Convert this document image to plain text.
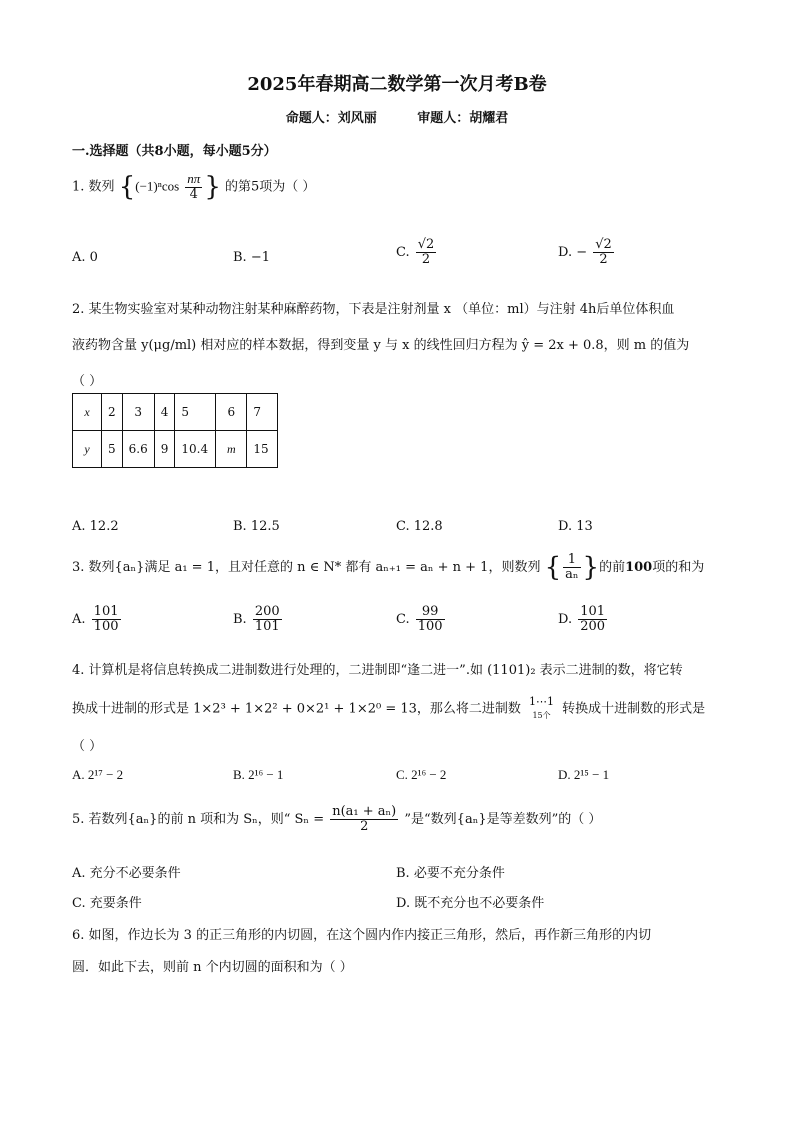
2025年春期高二数学第一次月考B卷
命题人：刘风丽	审题人：胡耀君
一.选择题（共8小题，每小题5分）
1. 数列 {$(-1)^n\cos \frac{n\pi}{4}$ } 的第5项为（ ）
A. 0	B. −1	C. $\frac{√2}{2}$	D. − $\frac{√2}{2}$
2. 某生物实验室对某种动物注射某种麻醉药物，下表是注射剂量 x （单位：ml）与注射 4h后单位体积血
液药物含量 y(μg/ml) 相对应的样本数据，得到变量 y 与 x 的线性回归方程为 ŷ = 2x + 0.8，则 m 的值为
（ ）
x	2	3	4	5	6	7
y	5	6.6	9	10.4	m	15
A. 12.2	B. 12.5	C. 12.8	D. 13
3. 数列{aₙ}满足 a₁ = 1，且对任意的 n ∈ N* 都有 aₙ₊₁ = aₙ + n + 1，则数列 { $\frac{1}{\text{aₙ}}$ }的前100项的和为
A. $\frac{101}{100}$	B. $\frac{200}{101}$	C. $\frac{99}{100}$	D. $\frac{101}{200}$
4. 计算机是将信息转换成二进制数进行处理的，二进制即“逢二进一”.如 (1101)₂ 表示二进制的数，将它转
换成十进制的形式是 1×2³ + 1×2² + 0×2¹ + 1×2⁰ = 13，那么将二进制数 1⋯1
15个 转换成十进制数的形式是
（ ）
A. 2¹⁷ − 2	B. 2¹⁶ − 1	C. 2¹⁶ − 2	D. 2¹⁵ − 1
5. 若数列{aₙ}的前 n 项和为 Sₙ，则“ $S_n = \frac{\text{n(a₁ + aₙ)}}{2}$ ”是“数列{aₙ}是等差数列”的（ ）
A. 充分不必要条件	B. 必要不充分条件
C. 充要条件	D. 既不充分也不必要条件
6. 如图，作边长为 3 的正三角形的内切圆，在这个圆内作内接正三角形，然后，再作新三角形的内切
圆．如此下去，则前 n 个内切圆的面积和为（ ）
